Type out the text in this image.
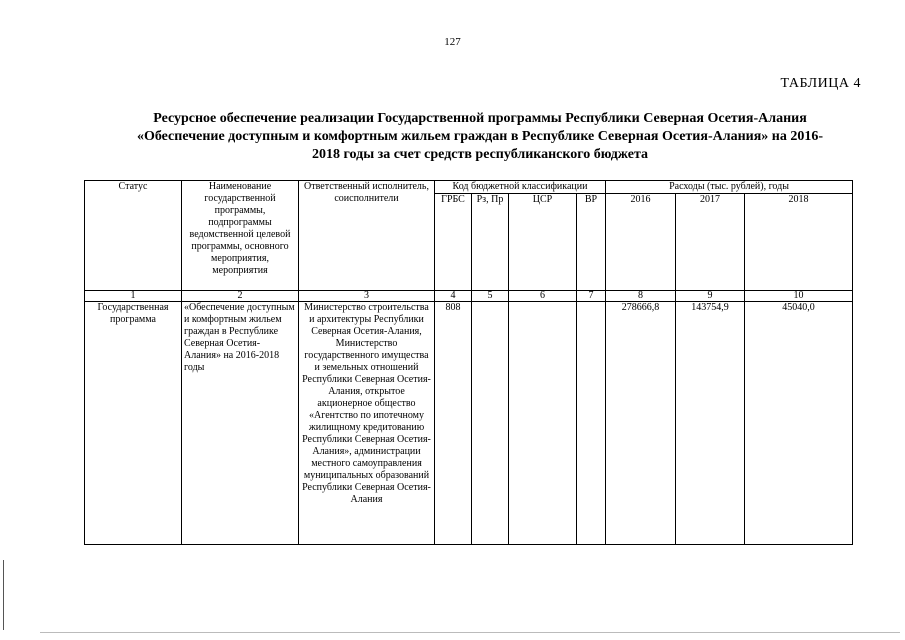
127
ТАБЛИЦА 4
Ресурсное обеспечение реализации Государственной программы Республики Северная Осетия-Алания
«Обеспечение доступным и комфортным жильем граждан в Республике Северная Осетия-Алания» на 2016-
2018 годы за счет средств республиканского бюджета
Статус	Наименование государственной программы, подпрограммы ведомственной целевой программы, основного мероприятия, мероприятия	Ответственный исполнитель, соисполнители	Код бюджетной классификации				Расходы (тыс. рублей), годы		
			ГРБС	Рз, Пр	ЦСР	ВР	2016	2017	2018
1	2	3	4	5	6	7	8	9	10
Государственная программа	«Обеспечение доступным и комфортным жильем граждан в Республике Северная Осетия-Алания» на 2016-2018 годы	Министерство строительства и архитектуры Республики Северная Осетия-Алания, Министерство государственного имущества и земельных отношений Республики Северная Осетия-Алания, открытое акционерное общество «Агентство по ипотечному жилищному кредитованию Республики Северная Осетия-Алания», администрации местного самоуправления муниципальных образований Республики Северная Осетия-Алания	808				278666,8	143754,9	45040,0
